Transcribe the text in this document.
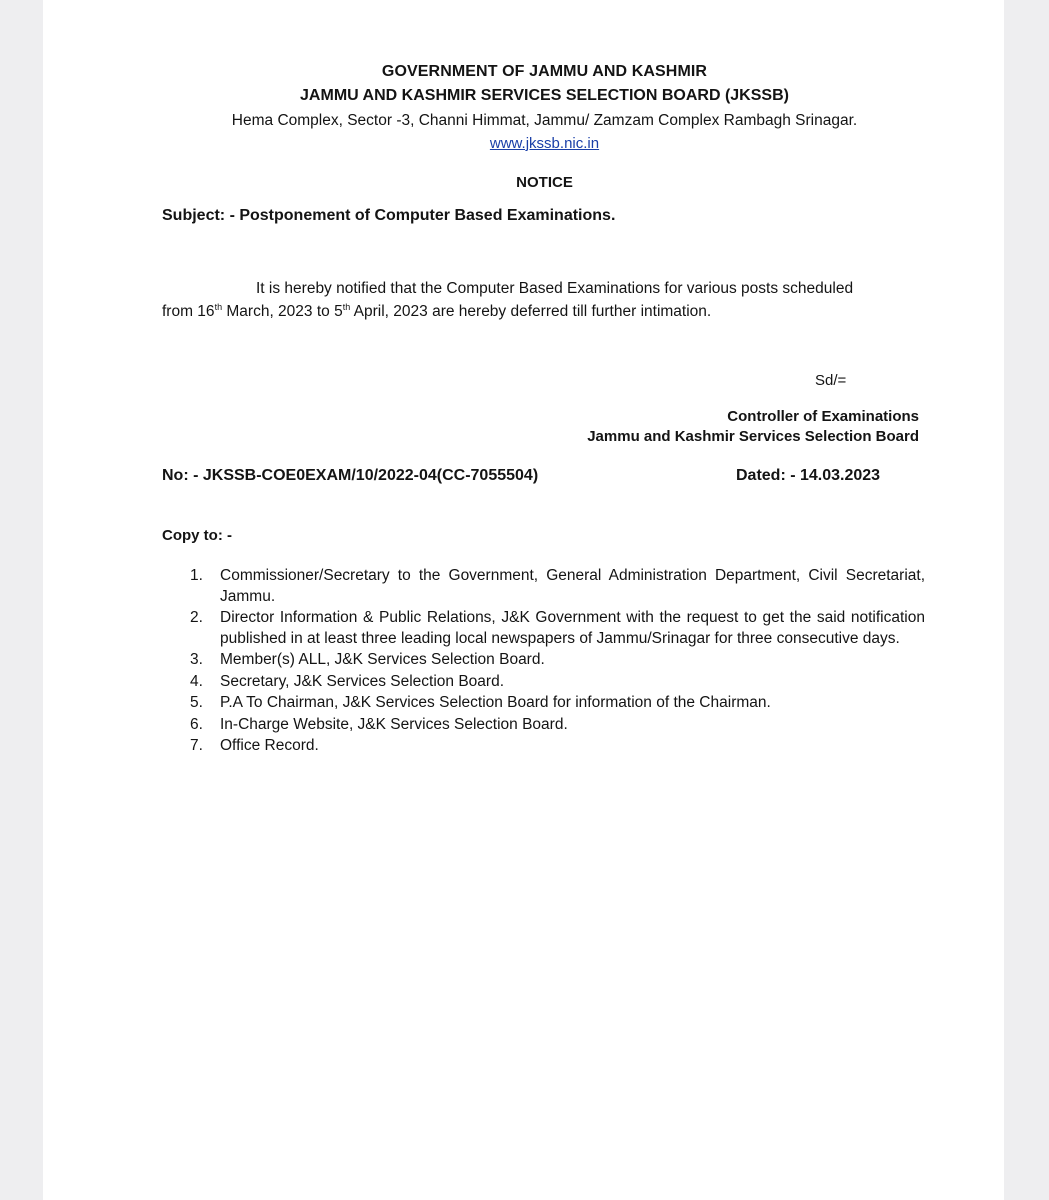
GOVERNMENT OF JAMMU AND KASHMIR
JAMMU AND KASHMIR SERVICES SELECTION BOARD (JKSSB)
Hema Complex, Sector -3, Channi Himmat, Jammu/ Zamzam Complex Rambagh Srinagar.
www.jkssb.nic.in
NOTICE
Subject: - Postponement of Computer Based Examinations.
It is hereby notified that the Computer Based Examinations for various posts scheduled
from 16th March, 2023 to 5th April, 2023 are hereby deferred till further intimation.
Sd/=
Controller of Examinations
Jammu and Kashmir Services Selection Board
No: - JKSSB-COE0EXAM/10/2022-04(CC-7055504)	Dated: - 14.03.2023
Copy to: -
1.	Commissioner/Secretary to the Government, General Administration Department, Civil Secretariat, Jammu.
2.	Director Information & Public Relations, J&K Government with the request to get the said notification published in at least three leading local newspapers of Jammu/Srinagar for three consecutive days.
3.	Member(s) ALL, J&K Services Selection Board.
4.	Secretary, J&K Services Selection Board.
5.	P.A To Chairman, J&K Services Selection Board for information of the Chairman.
6.	In-Charge Website, J&K Services Selection Board.
7.	Office Record.
